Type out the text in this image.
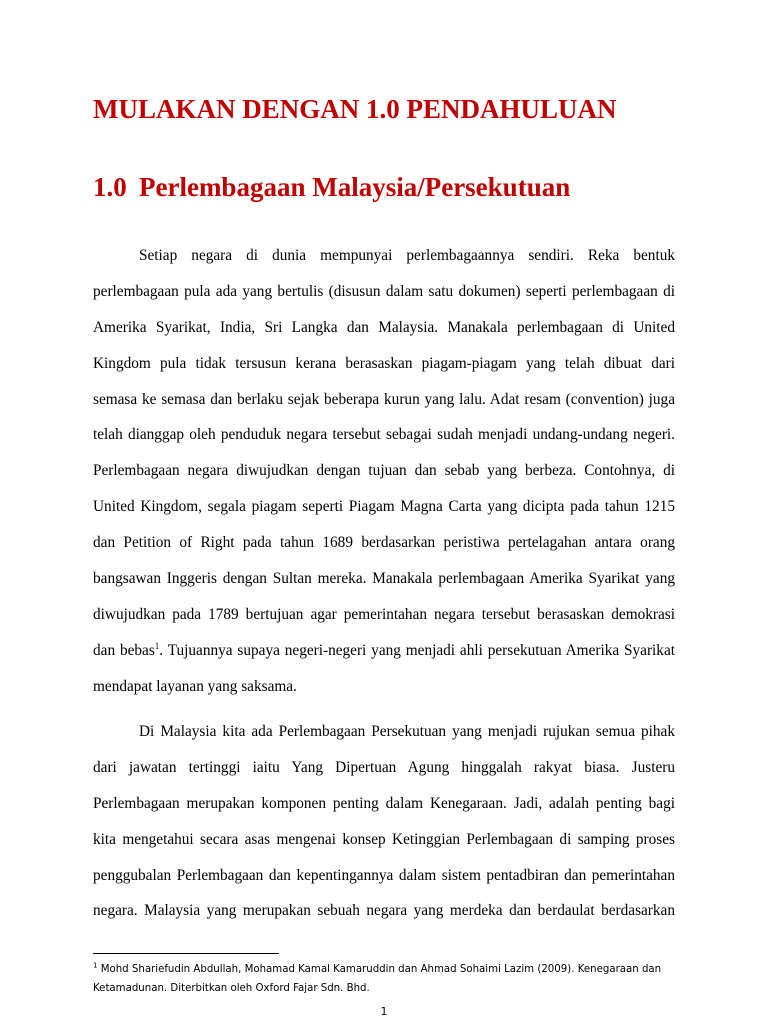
MULAKAN DENGAN 1.0 PENDAHULUAN
1.0 Perlembagaan Malaysia/Persekutuan
Setiap negara di dunia mempunyai perlembagaannya sendiri. Reka bentuk
perlembagaan pula ada yang bertulis (disusun dalam satu dokumen) seperti perlembagaan di
Amerika Syarikat, India, Sri Langka dan Malaysia. Manakala perlembagaan di United
Kingdom pula tidak tersusun kerana berasaskan piagam-piagam yang telah dibuat dari
semasa ke semasa dan berlaku sejak beberapa kurun yang lalu. Adat resam (convention) juga
telah dianggap oleh penduduk negara tersebut sebagai sudah menjadi undang-undang negeri.
Perlembagaan negara diwujudkan dengan tujuan dan sebab yang berbeza. Contohnya, di
United Kingdom, segala piagam seperti Piagam Magna Carta yang dicipta pada tahun 1215
dan Petition of Right pada tahun 1689 berdasarkan peristiwa pertelagahan antara orang
bangsawan Inggeris dengan Sultan mereka. Manakala perlembagaan Amerika Syarikat yang
diwujudkan pada 1789 bertujuan agar pemerintahan negara tersebut berasaskan demokrasi
dan bebas$^1$. Tujuannya supaya negeri-negeri yang menjadi ahli persekutuan Amerika Syarikat
mendapat layanan yang saksama.
Di Malaysia kita ada Perlembagaan Persekutuan yang menjadi rujukan semua pihak
dari jawatan tertinggi iaitu Yang Dipertuan Agung hinggalah rakyat biasa. Justeru
Perlembagaan merupakan komponen penting dalam Kenegaraan. Jadi, adalah penting bagi
kita mengetahui secara asas mengenai konsep Ketinggian Perlembagaan di samping proses
penggubalan Perlembagaan dan kepentingannya dalam sistem pentadbiran dan pemerintahan
negara. Malaysia yang merupakan sebuah negara yang merdeka dan berdaulat berdasarkan
$^1$ Mohd Shariefudin Abdullah, Mohamad Kamal Kamaruddin dan Ahmad Sohaimi Lazim (2009). Kenegaraan dan
Ketamadunan. Diterbitkan oleh Oxford Fajar Sdn. Bhd.
1
